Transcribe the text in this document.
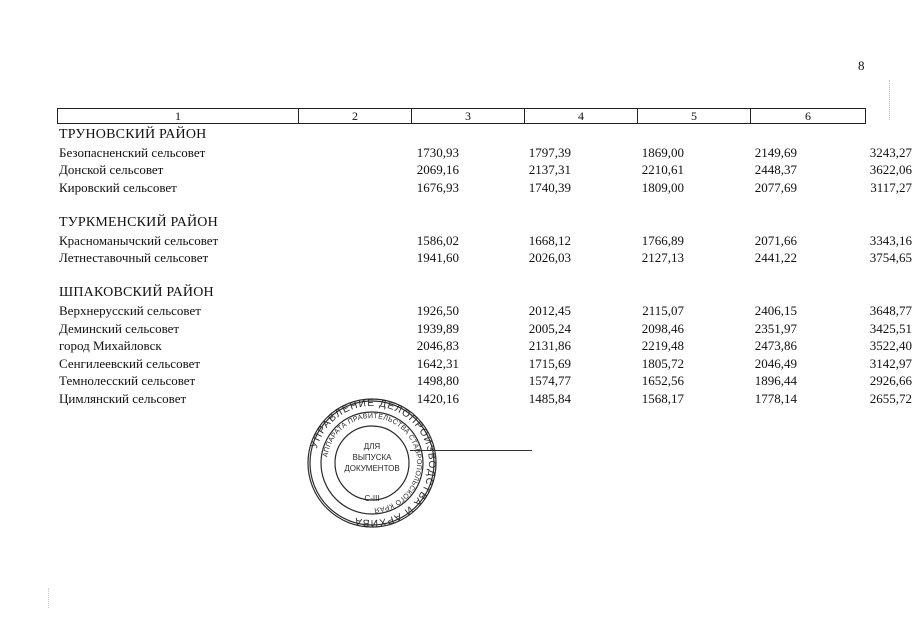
8
1	2	3	4	5	6
ТРУНОВСКИЙ РАЙОН
Безопасненский сельсовет	1730,93	1797,39	1869,00	2149,69	3243,27
Донской сельсовет	2069,16	2137,31	2210,61	2448,37	3622,06
Кировский сельсовет	1676,93	1740,39	1809,00	2077,69	3117,27
ТУРКМЕНСКИЙ РАЙОН
Красноманычский сельсовет	1586,02	1668,12	1766,89	2071,66	3343,16
Летнеставочный сельсовет	1941,60	2026,03	2127,13	2441,22	3754,65
ШПАКОВСКИЙ РАЙОН
Верхнерусский сельсовет	1926,50	2012,45	2115,07	2406,15	3648,77
Деминский сельсовет	1939,89	2005,24	2098,46	2351,97	3425,51
город Михайловск	2046,83	2131,86	2219,48	2473,86	3522,40
Сенгилеевский сельсовет	1642,31	1715,69	1805,72	2046,49	3142,97
Темнолесский сельсовет	1498,80	1574,77	1652,56	1896,44	2926,66
Цимлянский сельсовет	1420,16	1485,84	1568,17	1778,14	2655,72
УПРАВЛЕНИЕ ДЕЛОПРОИЗВОДСТВА И АРХИВА
АППАРАТА ПРАВИТЕЛЬСТВА СТАВРОПОЛЬСКОГО КРАЯ
ДЛЯ
ВЫПУСКА
ДОКУМЕНТОВ
С-III
